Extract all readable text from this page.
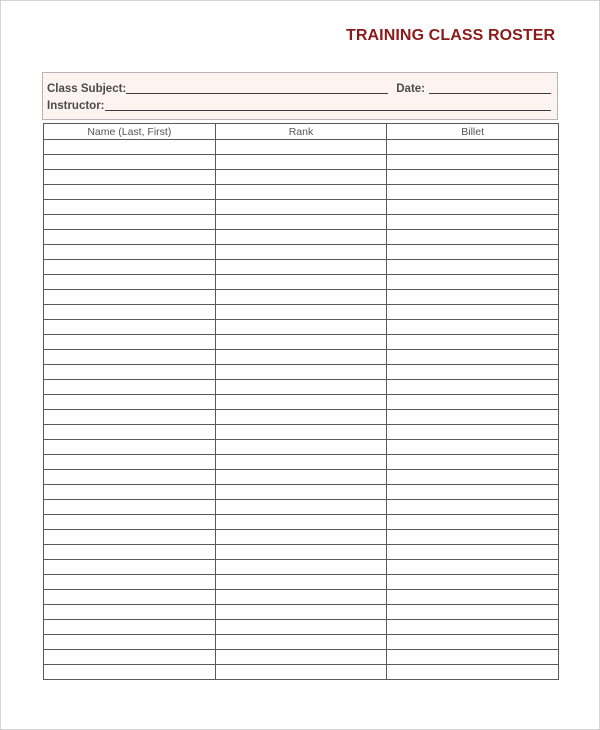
TRAINING CLASS ROSTER
Class Subject:	Date:
Instructor:
Name (Last, First)	Rank	Billet
